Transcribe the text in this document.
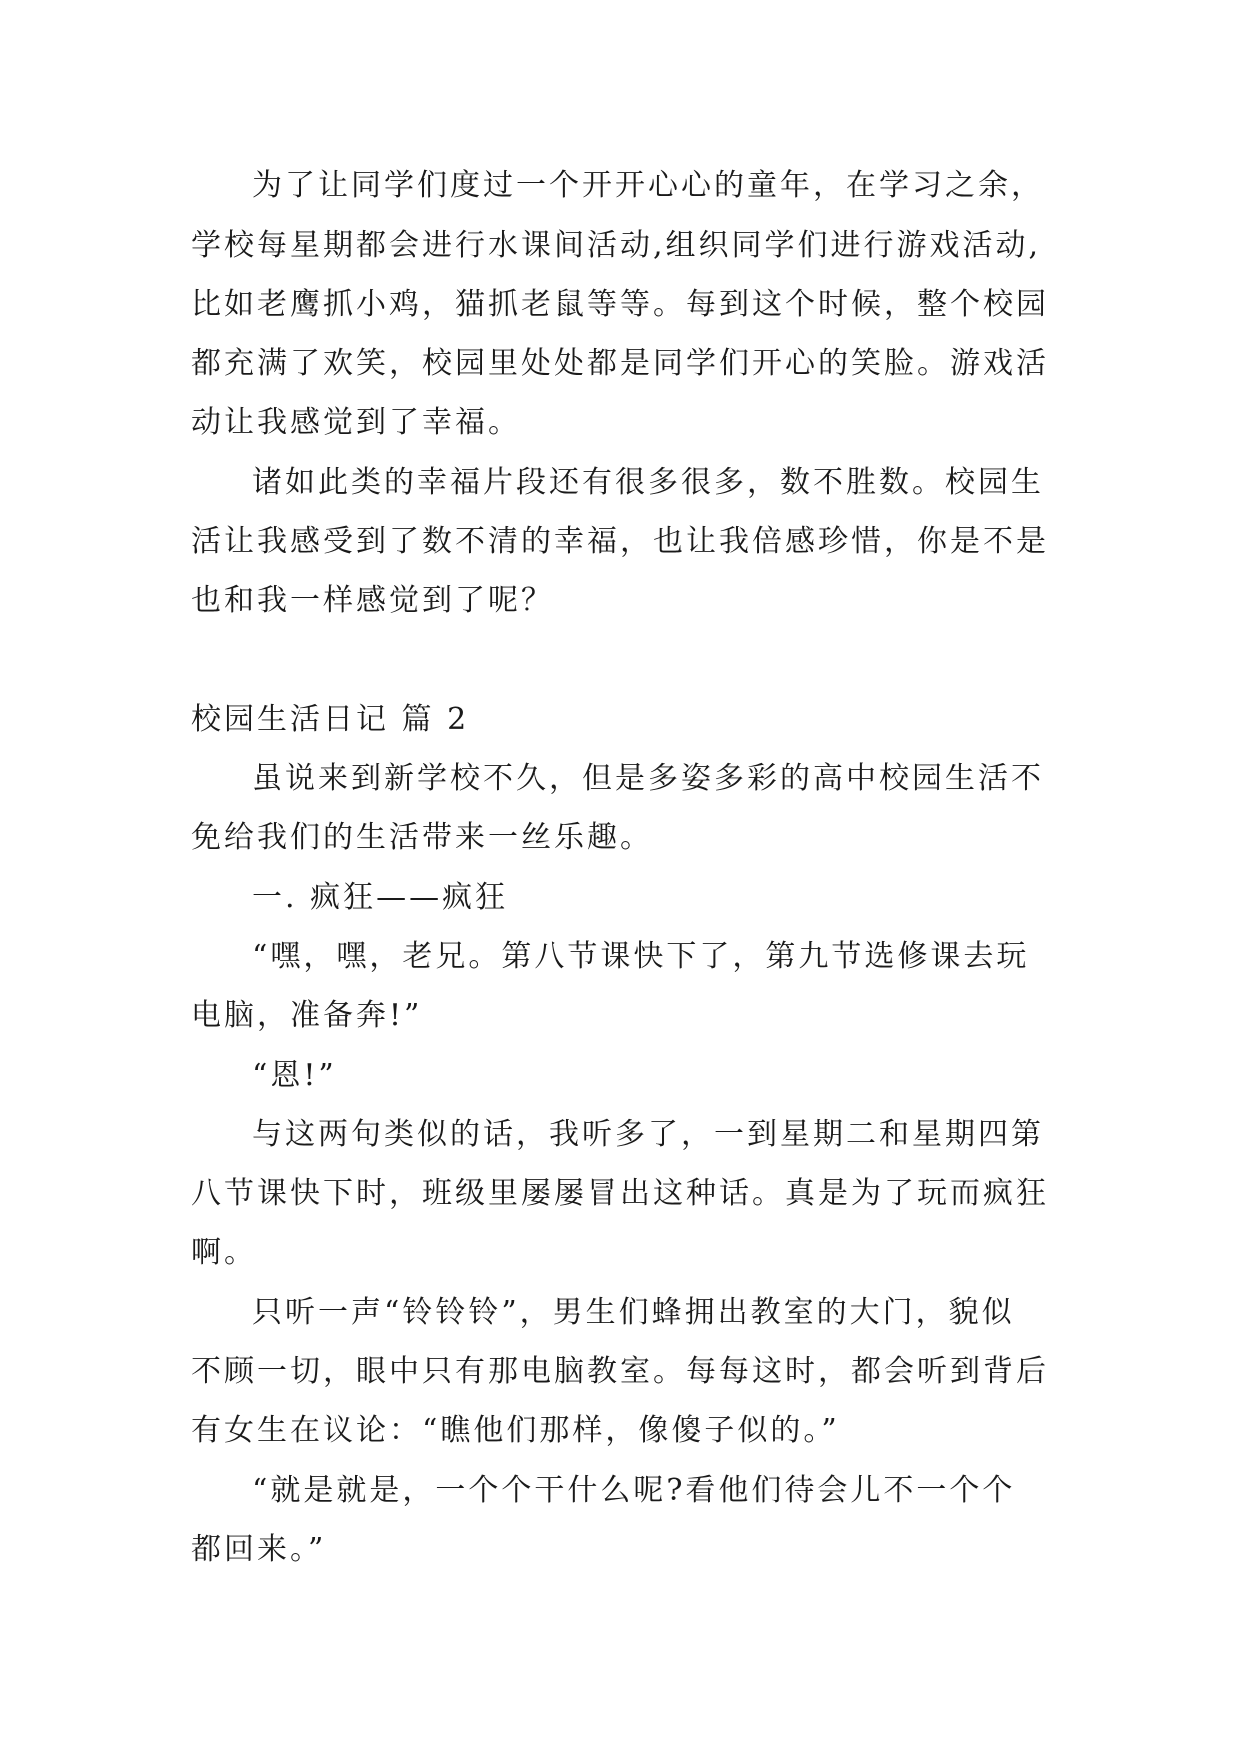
为了让同学们度过一个开开心心的童年，在学习之余，
学校每星期都会进行水课间活动,组织同学们进行游戏活动,
比如老鹰抓小鸡，猫抓老鼠等等。每到这个时候，整个校园
都充满了欢笑，校园里处处都是同学们开心的笑脸。游戏活
动让我感觉到了幸福。
诸如此类的幸福片段还有很多很多，数不胜数。校园生
活让我感受到了数不清的幸福，也让我倍感珍惜，你是不是
也和我一样感觉到了呢？
校园生活日记 篇 2
虽说来到新学校不久，但是多姿多彩的高中校园生活不
免给我们的生活带来一丝乐趣。
一. 疯狂——疯狂
“嘿，嘿，老兄。第八节课快下了，第九节选修课去玩
电脑，准备奔!”
“恩!”
与这两句类似的话，我听多了，一到星期二和星期四第
八节课快下时，班级里屡屡冒出这种话。真是为了玩而疯狂
啊。
只听一声“铃铃铃”，男生们蜂拥出教室的大门，貌似
不顾一切，眼中只有那电脑教室。每每这时，都会听到背后
有女生在议论：“瞧他们那样，像傻子似的。”
“就是就是，一个个干什么呢?看他们待会儿不一个个
都回来。”
